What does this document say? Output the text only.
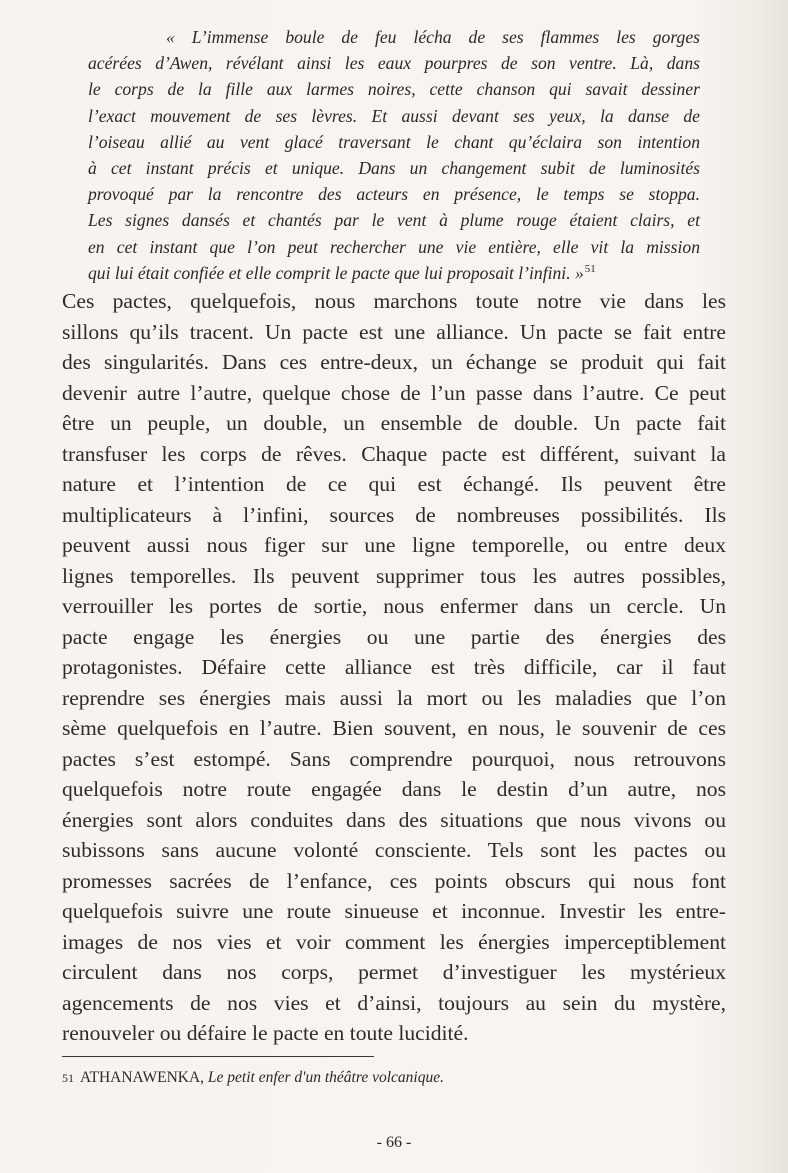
« L’immense boule de feu lécha de ses flammes les gorges
acérées d’Awen, révélant ainsi les eaux pourpres de son ventre. Là, dans
le corps de la fille aux larmes noires, cette chanson qui savait dessiner
l’exact mouvement de ses lèvres. Et aussi devant ses yeux, la danse de
l’oiseau allié au vent glacé traversant le chant qu’éclaira son intention
à cet instant précis et unique. Dans un changement subit de luminosités
provoqué par la rencontre des acteurs en présence, le temps se stoppa.
Les signes dansés et chantés par le vent à plume rouge étaient clairs, et
en cet instant que l’on peut rechercher une vie entière, elle vit la mission
qui lui était confiée et elle comprit le pacte que lui proposait l’infini. »$^{51}$
Ces pactes, quelquefois, nous marchons toute notre vie dans les
sillons qu’ils tracent. Un pacte est une alliance. Un pacte se fait entre
des singularités. Dans ces entre-deux, un échange se produit qui fait
devenir autre l’autre, quelque chose de l’un passe dans l’autre. Ce peut
être un peuple, un double, un ensemble de double. Un pacte fait
transfuser les corps de rêves. Chaque pacte est différent, suivant la
nature et l’intention de ce qui est échangé. Ils peuvent être
multiplicateurs à l’infini, sources de nombreuses possibilités. Ils
peuvent aussi nous figer sur une ligne temporelle, ou entre deux
lignes temporelles. Ils peuvent supprimer tous les autres possibles,
verrouiller les portes de sortie, nous enfermer dans un cercle. Un
pacte engage les énergies ou une partie des énergies des
protagonistes. Défaire cette alliance est très difficile, car il faut
reprendre ses énergies mais aussi la mort ou les maladies que l’on
sème quelquefois en l’autre. Bien souvent, en nous, le souvenir de ces
pactes s’est estompé. Sans comprendre pourquoi, nous retrouvons
quelquefois notre route engagée dans le destin d’un autre, nos
énergies sont alors conduites dans des situations que nous vivons ou
subissons sans aucune volonté consciente. Tels sont les pactes ou
promesses sacrées de l’enfance, ces points obscurs qui nous font
quelquefois suivre une route sinueuse et inconnue. Investir les entre-
images de nos vies et voir comment les énergies imperceptiblement
circulent dans nos corps, permet d’investiguer les mystérieux
agencements de nos vies et d’ainsi, toujours au sein du mystère,
renouveler ou défaire le pacte en toute lucidité.
$^{51}$ ATHANAWENKA, Le petit enfer d'un théâtre volcanique.
- 66 -
